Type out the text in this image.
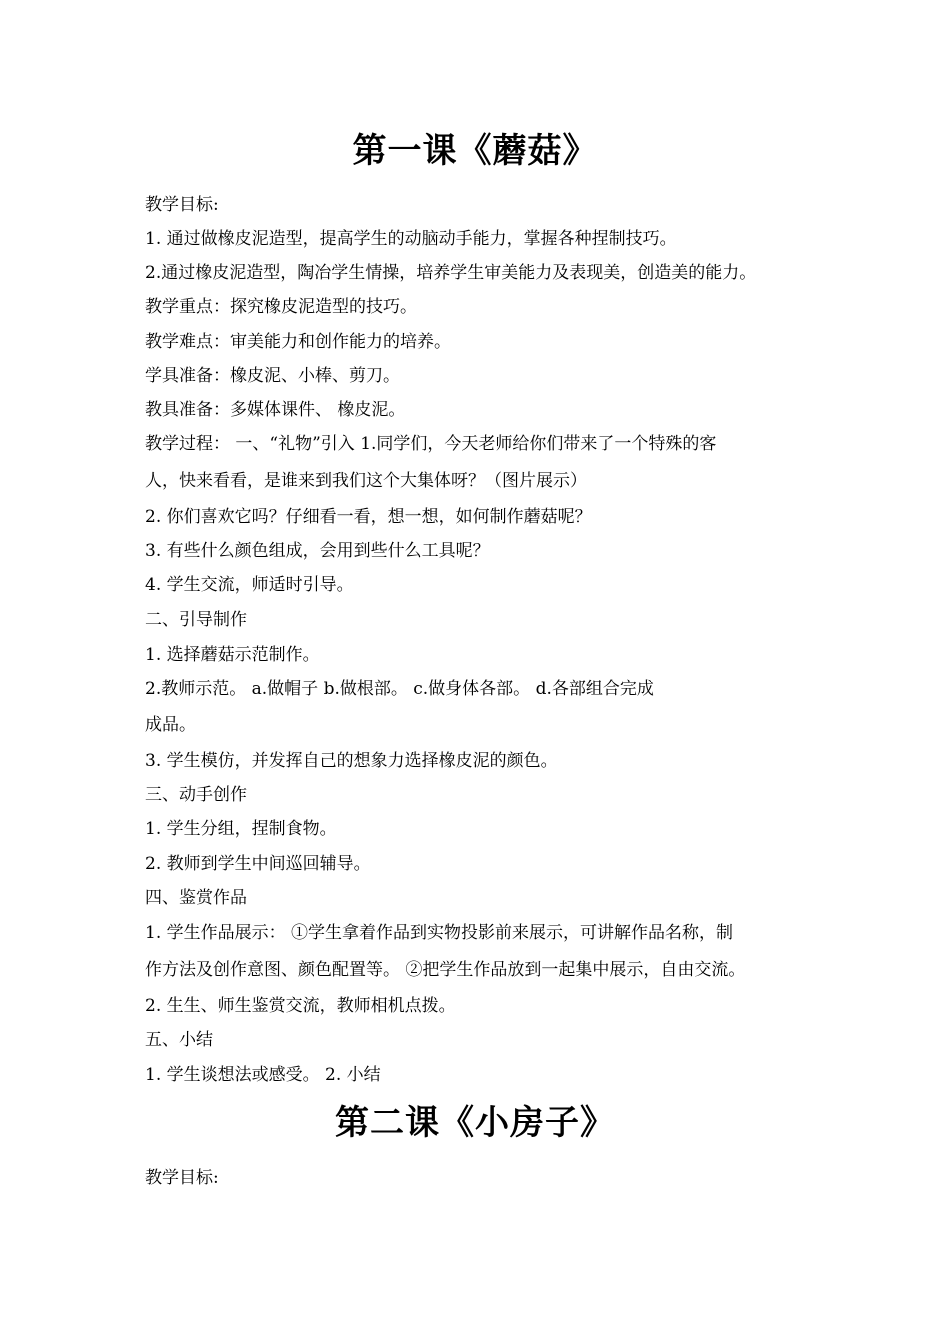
第一课《蘑菇》
教学目标:
1. 通过做橡皮泥造型，提高学生的动脑动手能力，掌握各种捏制技巧。
2.通过橡皮泥造型，陶冶学生情操，培养学生审美能力及表现美，创造美的能力。
教学重点：探究橡皮泥造型的技巧。
教学难点：审美能力和创作能力的培养。
学具准备：橡皮泥、小棒、剪刀。
教具准备：多媒体课件、 橡皮泥。
教学过程： 一、“礼物”引入 1.同学们，今天老师给你们带来了一个特殊的客
人，快来看看，是谁来到我们这个大集体呀？（图片展示）
2. 你们喜欢它吗？仔细看一看，想一想，如何制作蘑菇呢？
3. 有些什么颜色组成，会用到些什么工具呢？
4. 学生交流，师适时引导。
二、引导制作
1. 选择蘑菇示范制作。
2.教师示范。 a.做帽子 b.做根部。 c.做身体各部。 d.各部组合完成
成品。
3. 学生模仿，并发挥自己的想象力选择橡皮泥的颜色。
三、动手创作
1. 学生分组，捏制食物。
2. 教师到学生中间巡回辅导。
四、鉴赏作品
1. 学生作品展示： ①学生拿着作品到实物投影前来展示，可讲解作品名称，制
作方法及创作意图、颜色配置等。 ②把学生作品放到一起集中展示，自由交流。
2. 生生、师生鉴赏交流，教师相机点拨。
五、小结
1. 学生谈想法或感受。 2. 小结
第二课《小房子》
教学目标:
